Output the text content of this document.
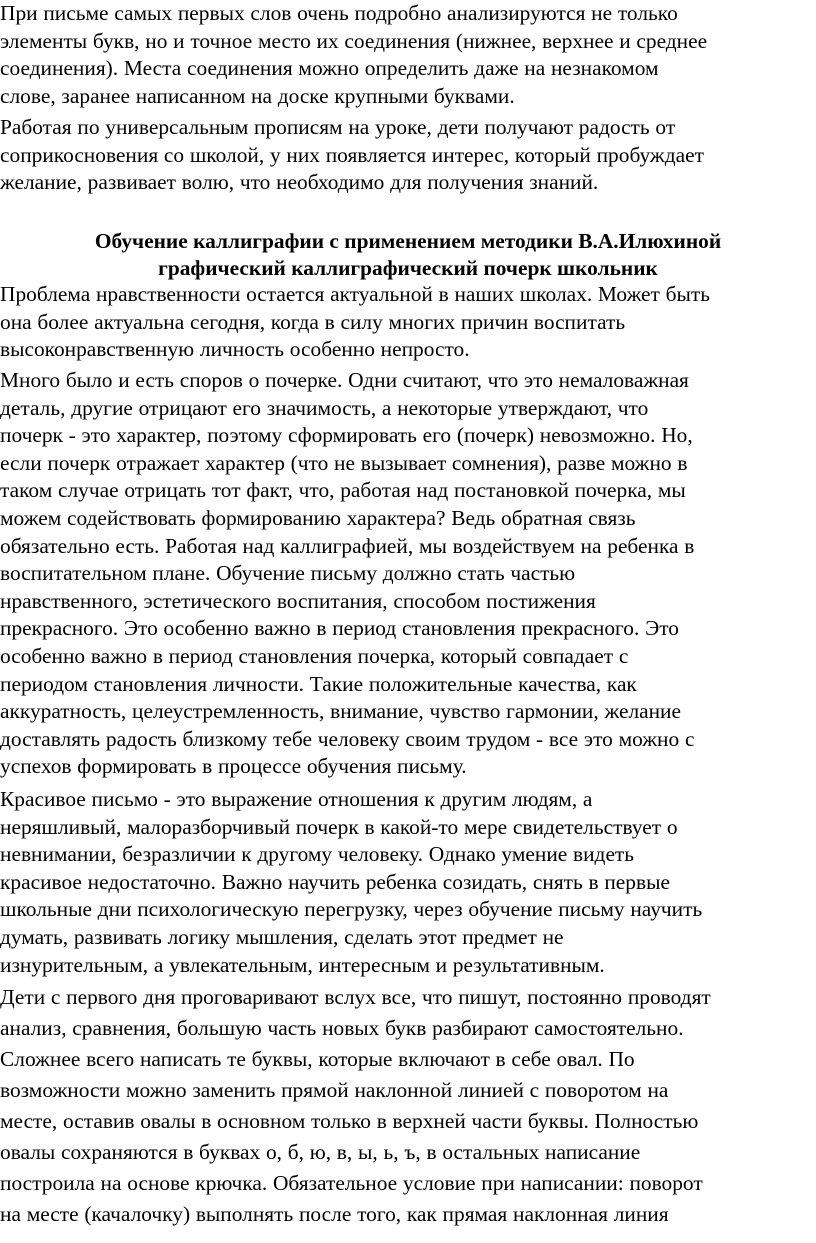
При письме самых первых слов очень подробно анализируются не только
элементы букв, но и точное место их соединения (нижнее, верхнее и среднее
соединения). Места соединения можно определить даже на незнакомом
слове, заранее написанном на доске крупными буквами.

Работая по универсальным прописям на уроке, дети получают радость от
соприкосновения со школой, у них появляется интерес, который пробуждает
желание, развивает волю, что необходимо для получения знаний.

Обучение каллиграфии с применением методики В.А.Илюхиной
графический каллиграфический почерк школьник

Проблема нравственности остается актуальной в наших школах. Может быть
она более актуальна сегодня, когда в силу многих причин воспитать
высоконравственную личность особенно непросто.

Много было и есть споров о почерке. Одни считают, что это немаловажная
деталь, другие отрицают его значимость, а некоторые утверждают, что
почерк - это характер, поэтому сформировать его (почерк) невозможно. Но,
если почерк отражает характер (что не вызывает сомнения), разве можно в
таком случае отрицать тот факт, что, работая над постановкой почерка, мы
можем содействовать формированию характера? Ведь обратная связь
обязательно есть. Работая над каллиграфией, мы воздействуем на ребенка в
воспитательном плане. Обучение письму должно стать частью
нравственного, эстетического воспитания, способом постижения
прекрасного. Это особенно важно в период становления прекрасного. Это
особенно важно в период становления почерка, который совпадает с
периодом становления личности. Такие положительные качества, как
аккуратность, целеустремленность, внимание, чувство гармонии, желание
доставлять радость близкому тебе человеку своим трудом - все это можно с
успехов формировать в процессе обучения письму.

Красивое письмо - это выражение отношения к другим людям, а
неряшливый, малоразборчивый почерк в какой-то мере свидетельствует о
невнимании, безразличии к другому человеку. Однако умение видеть
красивое недостаточно. Важно научить ребенка созидать, снять в первые
школьные дни психологическую перегрузку, через обучение письму научить
думать, развивать логику мышления, сделать этот предмет не
изнурительным, а увлекательным, интересным и результативным.

Дети с первого дня проговаривают вслух все, что пишут, постоянно проводят
анализ, сравнения, большую часть новых букв разбирают самостоятельно.
Сложнее всего написать те буквы, которые включают в себе овал. По
возможности можно заменить прямой наклонной линией с поворотом на
месте, оставив овалы в основном только в верхней части буквы. Полностью
овалы сохраняются в буквах о, б, ю, в, ы, ь, ъ, в остальных написание
построила на основе крючка. Обязательное условие при написании: поворот
на месте (качалочку) выполнять после того, как прямая наклонная линия
